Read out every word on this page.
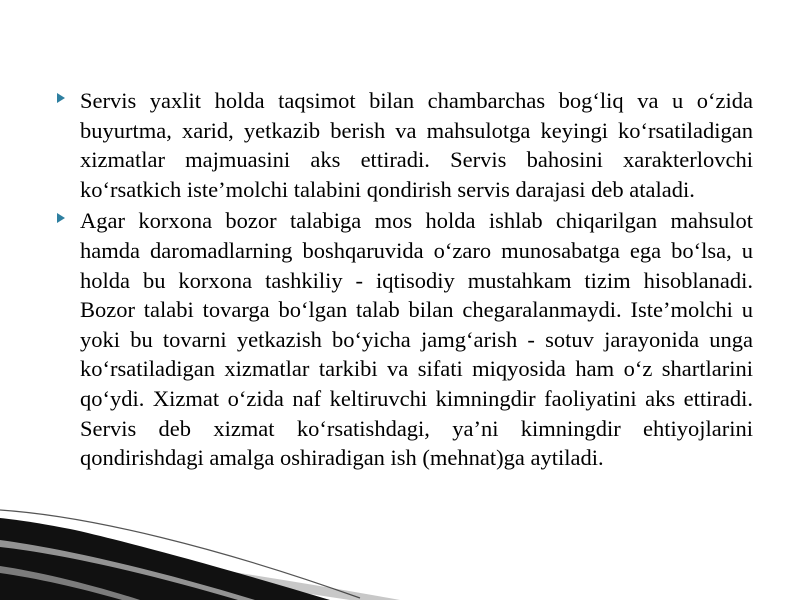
Servis yaxlit holda taqsimot bilan chambarchas bog‘liq va u o‘zida buyurtma, xarid, yetkazib berish va mahsulotga keyingi ko‘rsatiladigan xizmatlar majmuasini aks ettiradi. Servis bahosini xarakterlovchi ko‘rsatkich iste’molchi talabini qondirish servis darajasi deb ataladi.

Agar korxona bozor talabiga mos holda ishlab chiqarilgan mahsulot hamda daromadlarning boshqaruvida o‘zaro munosabatga ega bo‘lsa, u holda bu korxona tashkiliy - iqtisodiy mustahkam tizim hisoblanadi. Bozor talabi tovarga bo‘lgan talab bilan chegaralanmaydi. Iste’molchi u yoki bu tovarni yetkazish bo‘yicha jamg‘arish - sotuv jarayonida unga ko‘rsatiladigan xizmatlar tarkibi va sifati miqyosida ham o‘z shartlarini qo‘ydi. Xizmat o‘zida naf keltiruvchi kimningdir faoliyatini aks ettiradi. Servis deb xizmat ko‘rsatishdagi, ya’ni kimningdir ehtiyojlarini qondirishdagi amalga oshiradigan ish (mehnat)ga aytiladi.
